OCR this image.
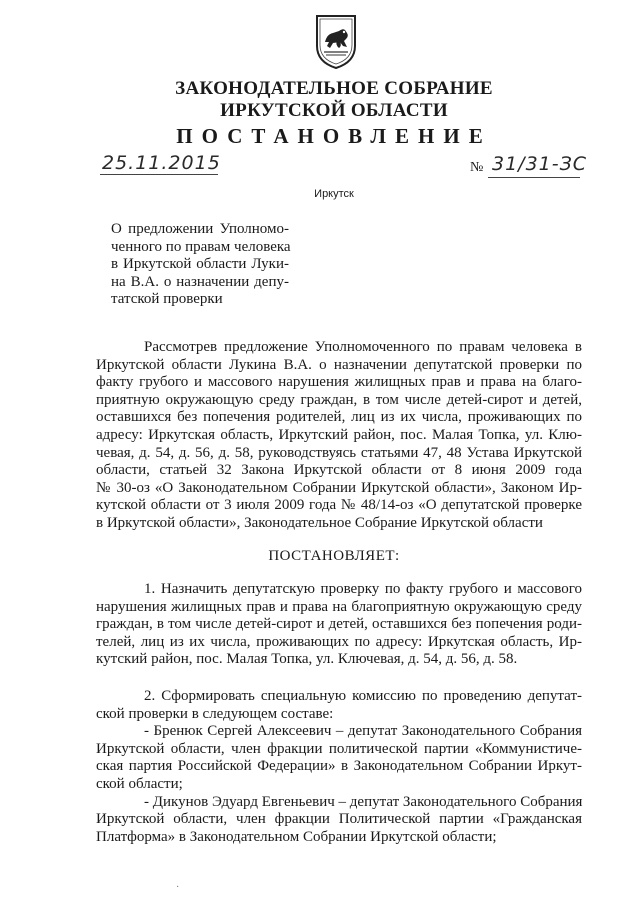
ЗАКОНОДАТЕЛЬНОЕ СОБРАНИЕ
ИРКУТСКОЙ ОБЛАСТИ
ПОСТАНОВЛЕНИЕ
25.11.2015	№ 31/31-ЗС
Иркутск
О предложении Уполномо-
ченного по правам человека
в Иркутской области Луки-
на В.А. о назначении депу-
татской проверки
Рассмотрев предложение Уполномоченного по правам человека в
Иркутской области Лукина В.А. о назначении депутатской проверки по
факту грубого и массового нарушения жилищных прав и права на благо-
приятную окружающую среду граждан, в том числе детей-сирот и детей,
оставшихся без попечения родителей, лиц из их числа, проживающих по
адресу: Иркутская область, Иркутский район, пос. Малая Топка, ул. Клю-
чевая, д. 54, д. 56, д. 58, руководствуясь статьями 47, 48 Устава Иркутской
области, статьей 32 Закона Иркутской области от 8 июня 2009 года
№ 30-оз «О Законодательном Собрании Иркутской области», Законом Ир-
кутской области от 3 июля 2009 года № 48/14-оз «О депутатской проверке
в Иркутской области», Законодательное Собрание Иркутской области
ПОСТАНОВЛЯЕТ:
1. Назначить депутатскую проверку по факту грубого и массового
нарушения жилищных прав и права на благоприятную окружающую среду
граждан, в том числе детей-сирот и детей, оставшихся без попечения роди-
телей, лиц из их числа, проживающих по адресу: Иркутская область, Ир-
кутский район, пос. Малая Топка, ул. Ключевая, д. 54, д. 56, д. 58.
2. Сформировать специальную комиссию по проведению депутат-
ской проверки в следующем составе:
- Бренюк Сергей Алексеевич – депутат Законодательного Собрания
Иркутской области, член фракции политической партии «Коммунистиче-
ская партия Российской Федерации» в Законодательном Собрании Иркут-
ской области;
- Дикунов Эдуард Евгеньевич – депутат Законодательного Собрания
Иркутской области, член фракции Политической партии «Гражданская
Платформа» в Законодательном Собрании Иркутской области;
·
